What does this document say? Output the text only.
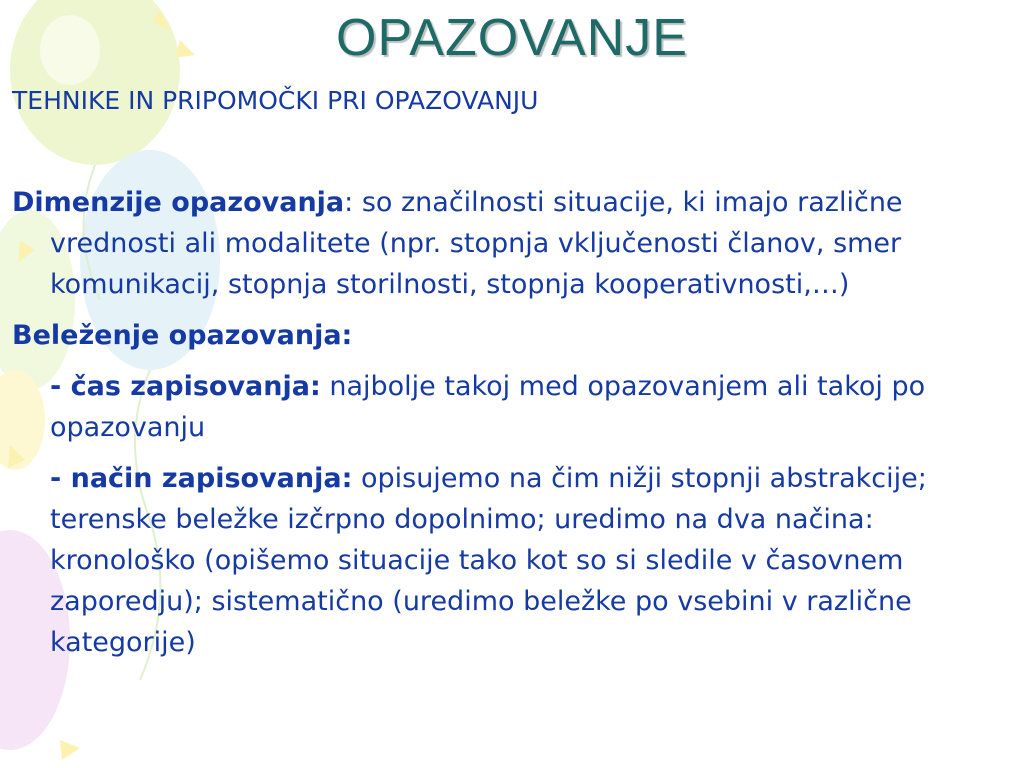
OPAZOVANJE
TEHNIKE IN PRIPOMOČKI PRI OPAZOVANJU

Dimenzije opazovanja: so značilnosti situacije, ki imajo različne vrednosti ali modalitete (npr. stopnja vključenosti članov, smer komunikacij, stopnja storilnosti, stopnja kooperativnosti,…)

Beleženje opazovanja:

- čas zapisovanja: najbolje takoj med opazovanjem ali takoj po opazovanju

- način zapisovanja: opisujemo na čim nižji stopnji abstrakcije; terenske beležke izčrpno dopolnimo; uredimo na dva načina: kronološko (opišemo situacije tako kot so si sledile v časovnem zaporedju); sistematično (uredimo beležke po vsebini v različne kategorije)
